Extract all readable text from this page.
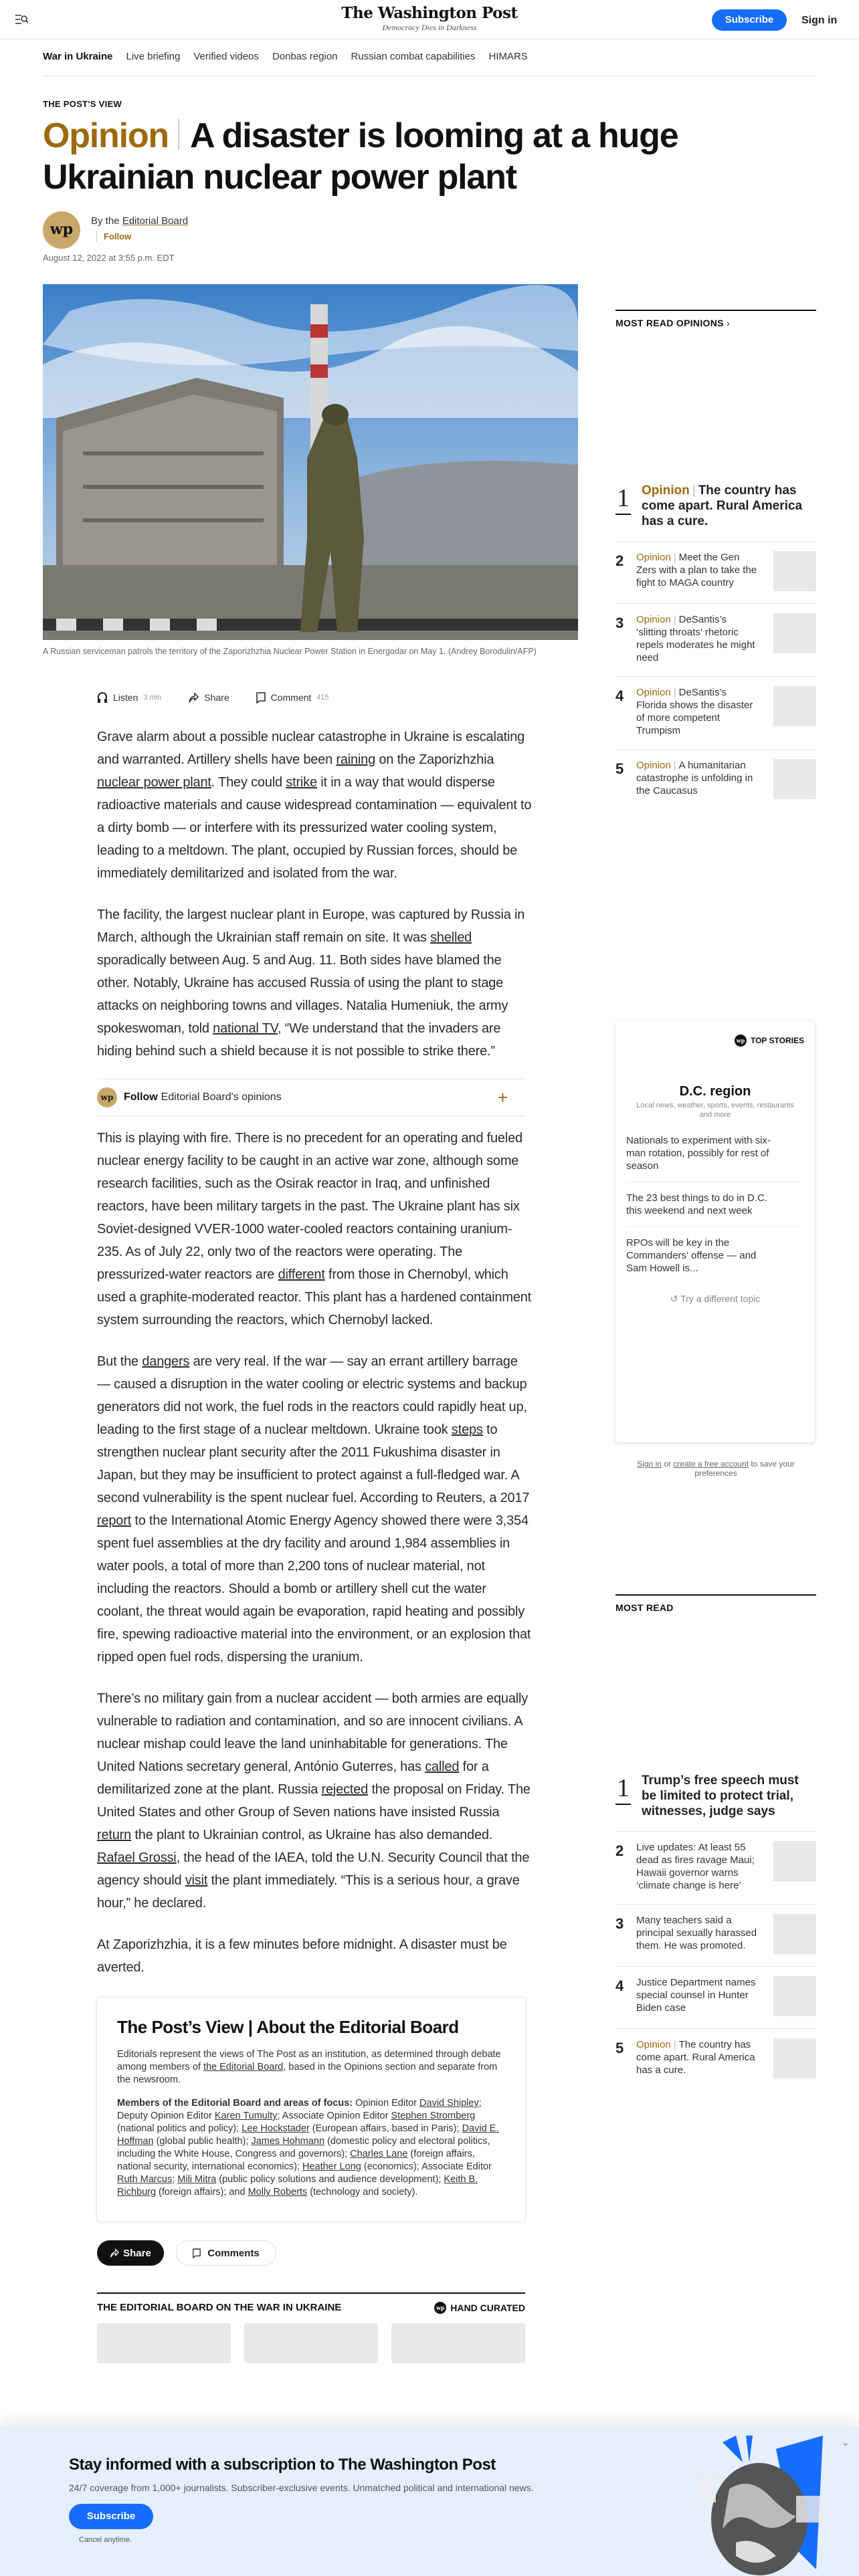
The Washington Post
Democracy Dies in Darkness
Subscribe	Sign in
War in Ukraine Live briefing Verified videos Donbas region Russian combat capabilities HIMARS
THE POST'S VIEW
Opinion A disaster is looming at a huge Ukrainian nuclear power plant
wp	By the Editorial Board
Follow
August 12, 2022 at 3:55 p.m. EDT
A Russian serviceman patrols the territory of the Zaporizhzhia Nuclear Power Station in Energodar on May 1. (Andrey Borodulin/AFP)
Listen 3 min	Share	Comment 415
Grave alarm about a possible nuclear catastrophe in Ukraine is escalating and warranted. Artillery shells have been raining on the Zaporizhzhia nuclear power plant. They could strike it in a way that would disperse radioactive materials and cause widespread contamination — equivalent to a dirty bomb — or interfere with its pressurized water cooling system, leading to a meltdown. The plant, occupied by Russian forces, should be immediately demilitarized and isolated from the war.
The facility, the largest nuclear plant in Europe, was captured by Russia in March, although the Ukrainian staff remain on site. It was shelled sporadically between Aug. 5 and Aug. 11. Both sides have blamed the other. Notably, Ukraine has accused Russia of using the plant to stage attacks on neighboring towns and villages. Natalia Humeniuk, the army spokeswoman, told national TV, “We understand that the invaders are hiding behind such a shield because it is not possible to strike there.”
wp Follow Editorial Board's opinions	+
This is playing with fire. There is no precedent for an operating and fueled nuclear energy facility to be caught in an active war zone, although some research facilities, such as the Osirak reactor in Iraq, and unfinished reactors, have been military targets in the past. The Ukraine plant has six Soviet-designed VVER-1000 water-cooled reactors containing uranium-235. As of July 22, only two of the reactors were operating. The pressurized-water reactors are different from those in Chernobyl, which used a graphite-moderated reactor. This plant has a hardened containment system surrounding the reactors, which Chernobyl lacked.
But the dangers are very real. If the war — say an errant artillery barrage — caused a disruption in the water cooling or electric systems and backup generators did not work, the fuel rods in the reactors could rapidly heat up, leading to the first stage of a nuclear meltdown. Ukraine took steps to strengthen nuclear plant security after the 2011 Fukushima disaster in Japan, but they may be insufficient to protect against a full-fledged war. A second vulnerability is the spent nuclear fuel. According to Reuters, a 2017 report to the International Atomic Energy Agency showed there were 3,354 spent fuel assemblies at the dry facility and around 1,984 assemblies in water pools, a total of more than 2,200 tons of nuclear material, not including the reactors. Should a bomb or artillery shell cut the water coolant, the threat would again be evaporation, rapid heating and possibly fire, spewing radioactive material into the environment, or an explosion that ripped open fuel rods, dispersing the uranium.
There’s no military gain from a nuclear accident — both armies are equally vulnerable to radiation and contamination, and so are innocent civilians. A nuclear mishap could leave the land uninhabitable for generations. The United Nations secretary general, António Guterres, has called for a demilitarized zone at the plant. Russia rejected the proposal on Friday. The United States and other Group of Seven nations have insisted Russia return the plant to Ukrainian control, as Ukraine has also demanded. Rafael Grossi, the head of the IAEA, told the U.N. Security Council that the agency should visit the plant immediately. “This is a serious hour, a grave hour,” he declared.
At Zaporizhzhia, it is a few minutes before midnight. A disaster must be averted.
The Post’s View | About the Editorial Board

Editorials represent the views of The Post as an institution, as determined through debate among members of the Editorial Board, based in the Opinions section and separate from the newsroom.

Members of the Editorial Board and areas of focus: Opinion Editor David Shipley; Deputy Opinion Editor Karen Tumulty; Associate Opinion Editor Stephen Stromberg (national politics and policy); Lee Hockstader (European affairs, based in Paris); David E. Hoffman (global public health); James Hohmann (domestic policy and electoral politics, including the White House, Congress and governors); Charles Lane (foreign affairs, national security, international economics); Heather Long (economics); Associate Editor Ruth Marcus; Mili Mitra (public policy solutions and audience development); Keith B. Richburg (foreign affairs); and Molly Roberts (technology and society).

Share	Comments
THE EDITORIAL BOARD ON THE WAR IN UKRAINE	wp HAND CURATED
MOST READ OPINIONS ›
1 Opinion | The country has come apart. Rural America has a cure.
2	Opinion | Meet the Gen Zers with a plan to take the fight to MAGA country
3	Opinion | DeSantis’s ‘slitting throats’ rhetoric repels moderates he might need
4	Opinion | DeSantis’s Florida shows the disaster of more competent Trumpism
5	Opinion | A humanitarian catastrophe is unfolding in the Caucasus
wp TOP STORIES
D.C. region
Local news, weather, sports, events, restaurants and more
Nationals to experiment with six-man rotation, possibly for rest of season
The 23 best things to do in D.C. this weekend and next week
RPOs will be key in the Commanders’ offense — and Sam Howell is...
↺ Try a different topic
Sign in or create a free account to save your preferences
MOST READ
1 Trump’s free speech must be limited to protect trial, witnesses, judge says
2	Live updates: At least 55 dead as fires ravage Maui; Hawaii governor warns ‘climate change is here’
3	Many teachers said a principal sexually harassed them. He was promoted.
4	Justice Department names special counsel in Hunter Biden case
5	Opinion | The country has come apart. Rural America has a cure.
Stay informed with a subscription to The Washington Post
24/7 coverage from 1,000+ journalists. Subscriber-exclusive events. Unmatched political and international news.
Subscribe
Cancel anytime.
⌄
